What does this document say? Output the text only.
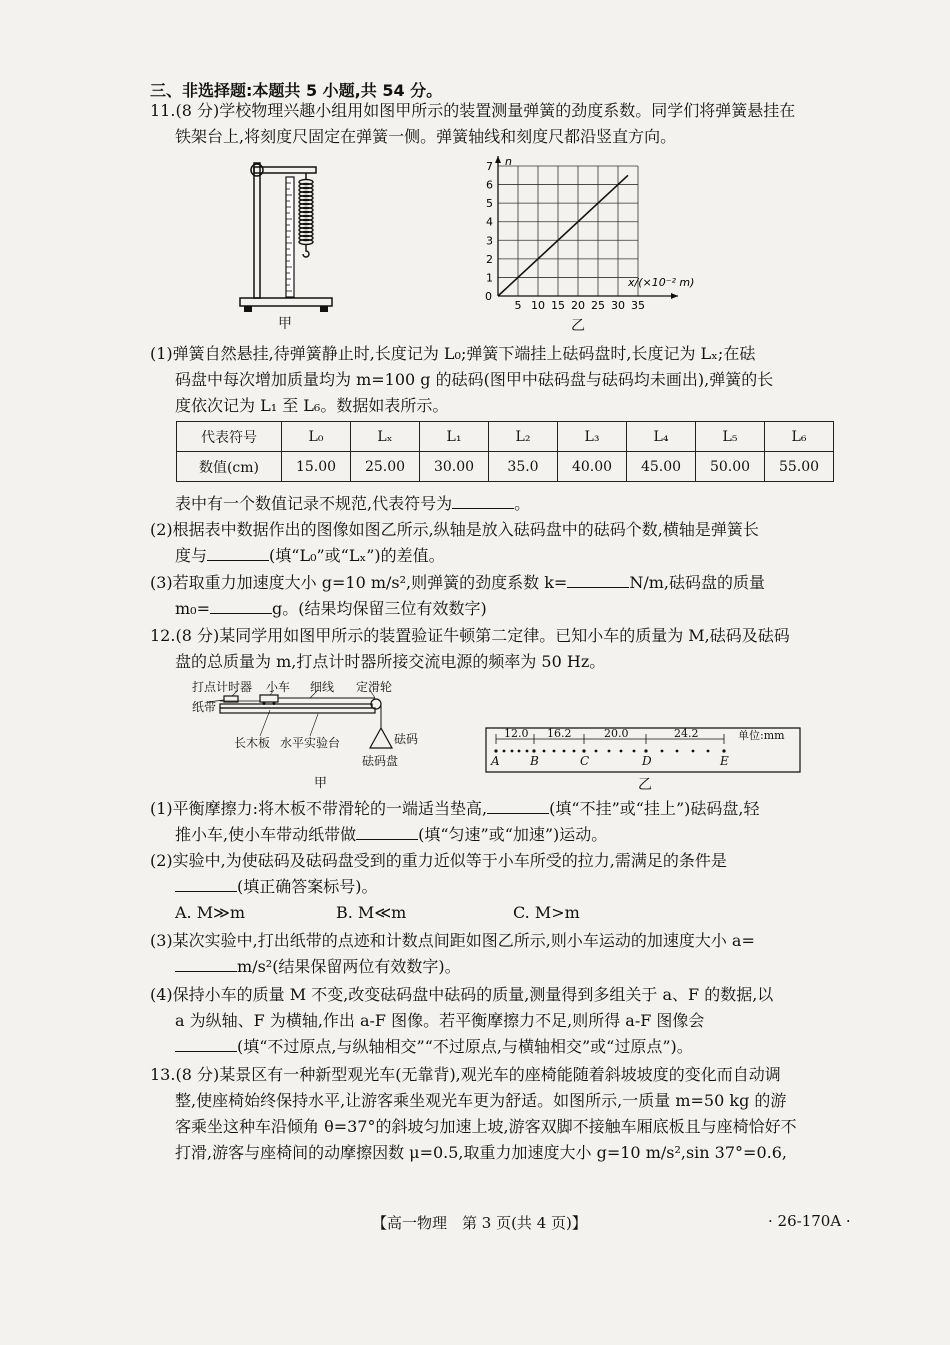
三、非选择题:本题共 5 小题,共 54 分。
11.(8 分)学校物理兴趣小组用如图甲所示的装置测量弹簧的劲度系数。同学们将弹簧悬挂在
铁架台上,将刻度尺固定在弹簧一侧。弹簧轴线和刻度尺都沿竖直方向。
甲
5 10 15 20 25 30 35
1
2
3
4
5
6
7
0
n
x/(×10⁻² m)
乙
(1)弹簧自然悬挂,待弹簧静止时,长度记为 L₀;弹簧下端挂上砝码盘时,长度记为 Lₓ;在砝
码盘中每次增加质量均为 m=100 g 的砝码(图甲中砝码盘与砝码均未画出),弹簧的长
度依次记为 L₁ 至 L₆。数据如表所示。
代表符号	L₀	Lₓ	L₁	L₂	L₃	L₄	L₅	L₆
数值(cm)	15.00	25.00	30.00	35.0	40.00	45.00	50.00	55.00
表中有一个数值记录不规范,代表符号为	。
(2)根据表中数据作出的图像如图乙所示,纵轴是放入砝码盘中的砝码个数,横轴是弹簧长
度与	(填“L₀”或“Lₓ”)的差值。
(3)若取重力加速度大小 g=10 m/s²,则弹簧的劲度系数 k=	N/m,砝码盘的质量
m₀=	g。(结果均保留三位有效数字)
12.(8 分)某同学用如图甲所示的装置验证牛顿第二定律。已知小车的质量为 M,砝码及砝码
盘的总质量为 m,打点计时器所接交流电源的频率为 50 Hz。
打点计时器 小车 细线 定滑轮
纸带
长木板 水平实验台	砝码
砝码盘
甲
12.0 16.2	20.0	24.2	单位:mm
A	B	C	D	E
乙
(1)平衡摩擦力:将木板不带滑轮的一端适当垫高,	(填“不挂”或“挂上”)砝码盘,轻
推小车,使小车带动纸带做	(填“匀速”或“加速”)运动。
(2)实验中,为使砝码及砝码盘受到的重力近似等于小车所受的拉力,需满足的条件是
(填正确答案标号)。
A. M≫m	B. M≪m	C. M>m
(3)某次实验中,打出纸带的点迹和计数点间距如图乙所示,则小车运动的加速度大小 a=
m/s²(结果保留两位有效数字)。
(4)保持小车的质量 M 不变,改变砝码盘中砝码的质量,测量得到多组关于 a、F 的数据,以
a 为纵轴、F 为横轴,作出 a-F 图像。若平衡摩擦力不足,则所得 a-F 图像会
(填“不过原点,与纵轴相交”“不过原点,与横轴相交”或“过原点”)。
13.(8 分)某景区有一种新型观光车(无靠背),观光车的座椅能随着斜坡坡度的变化而自动调
整,使座椅始终保持水平,让游客乘坐观光车更为舒适。如图所示,一质量 m=50 kg 的游
客乘坐这种车沿倾角 θ=37°的斜坡匀加速上坡,游客双脚不接触车厢底板且与座椅恰好不
打滑,游客与座椅间的动摩擦因数 μ=0.5,取重力加速度大小 g=10 m/s²,sin 37°=0.6,
【高一物理　第 3 页(共 4 页)】	· 26-170A ·
